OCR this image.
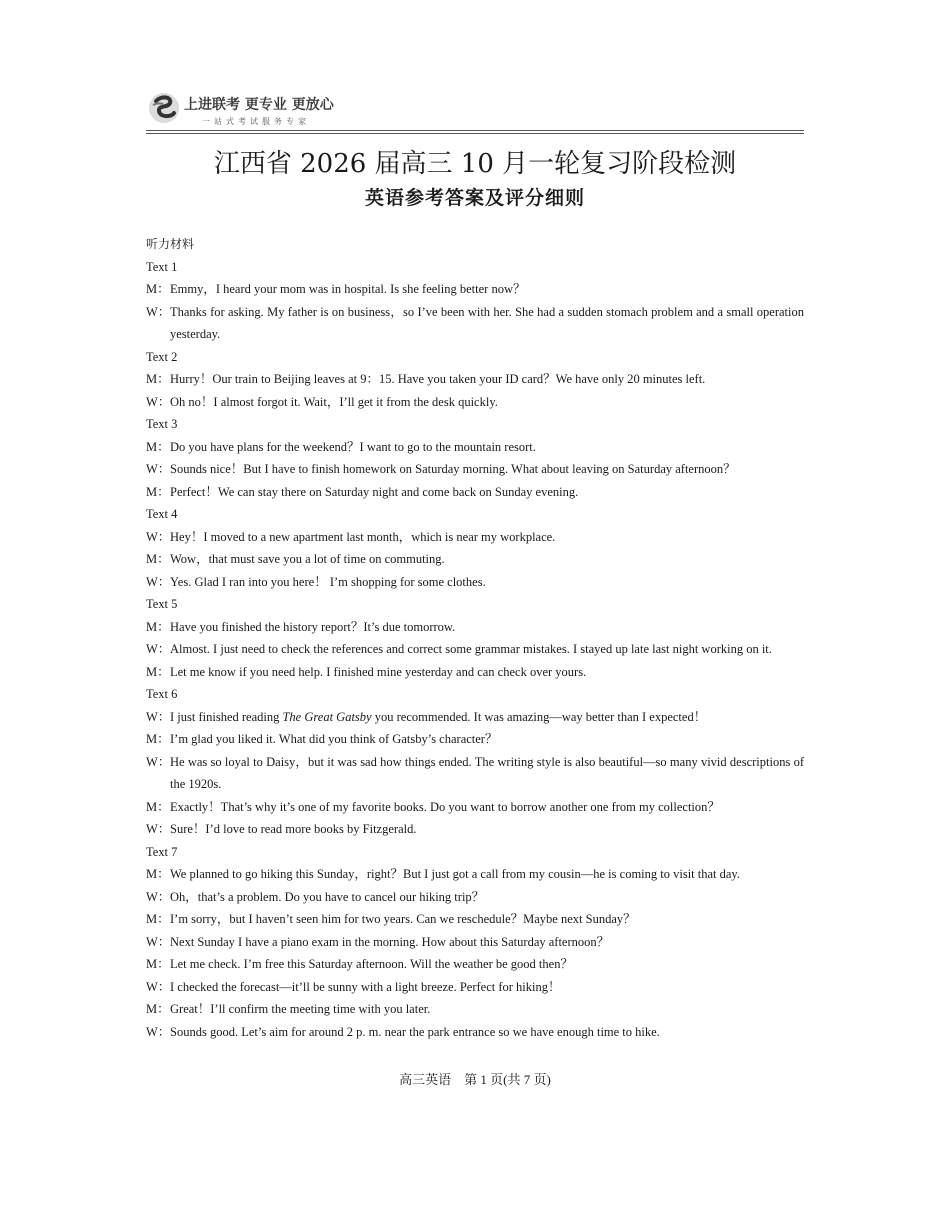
上进联考 更专业 更放心
一站式考试服务专家
江西省 2026 届高三 10 月一轮复习阶段检测
英语参考答案及评分细则
听力材料
Text 1
M：Emmy，I heard your mom was in hospital. Is she feeling better now？
W：Thanks for asking. My father is on business，so I’ve been with her. She had a sudden stomach problem and a small operation yesterday.
Text 2
M：Hurry！Our train to Beijing leaves at 9：15. Have you taken your ID card？We have only 20 minutes left.
W：Oh no！I almost forgot it. Wait，I’ll get it from the desk quickly.
Text 3
M：Do you have plans for the weekend？I want to go to the mountain resort.
W：Sounds nice！But I have to finish homework on Saturday morning. What about leaving on Saturday afternoon？
M：Perfect！We can stay there on Saturday night and come back on Sunday evening.
Text 4
W：Hey！I moved to a new apartment last month，which is near my workplace.
M：Wow，that must save you a lot of time on commuting.
W：Yes. Glad I ran into you here！ I’m shopping for some clothes.
Text 5
M：Have you finished the history report？It’s due tomorrow.
W：Almost. I just need to check the references and correct some grammar mistakes. I stayed up late last night working on it.
M：Let me know if you need help. I finished mine yesterday and can check over yours.
Text 6
W：I just finished reading The Great Gatsby you recommended. It was amazing—way better than I expected！
M：I’m glad you liked it. What did you think of Gatsby’s character？
W：He was so loyal to Daisy，but it was sad how things ended. The writing style is also beautiful—so many vivid descriptions of the 1920s.
M：Exactly！That’s why it’s one of my favorite books. Do you want to borrow another one from my collection？
W：Sure！I’d love to read more books by Fitzgerald.
Text 7
M：We planned to go hiking this Sunday，right？But I just got a call from my cousin—he is coming to visit that day.
W：Oh，that’s a problem. Do you have to cancel our hiking trip？
M：I’m sorry，but I haven’t seen him for two years. Can we reschedule？Maybe next Sunday？
W：Next Sunday I have a piano exam in the morning. How about this Saturday afternoon？
M：Let me check. I’m free this Saturday afternoon. Will the weather be good then？
W：I checked the forecast—it’ll be sunny with a light breeze. Perfect for hiking！
M：Great！I’ll confirm the meeting time with you later.
W：Sounds good. Let’s aim for around 2 p. m. near the park entrance so we have enough time to hike.
高三英语　第 1 页(共 7 页)
